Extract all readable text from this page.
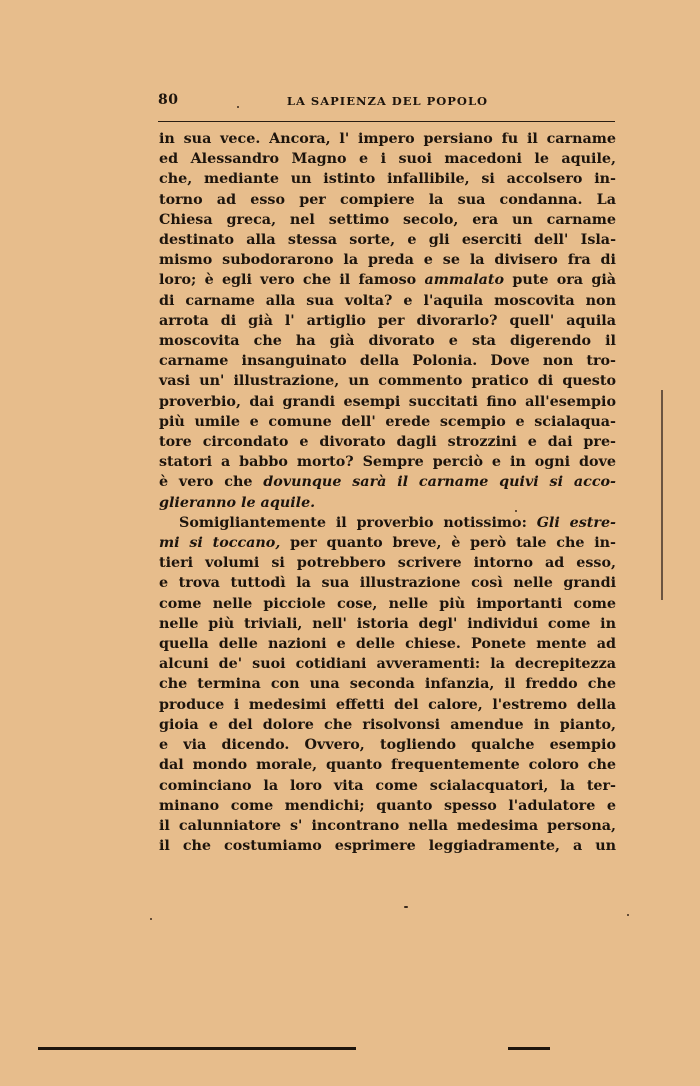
80	LA SAPIENZA DEL POPOLO
in sua vece. Ancora, l' impero persiano fu il carname
ed Alessandro Magno e i suoi macedoni le aquile,
che, mediante un istinto infallibile, si accolsero in-
torno ad esso per compiere la sua condanna. La
Chiesa greca, nel settimo secolo, era un carname
destinato alla stessa sorte, e gli eserciti dell' Isla-
mismo subodorarono la preda e se la divisero fra di
loro; è egli vero che il famoso ammalato pute ora già
di carname alla sua volta? e l'aquila moscovita non
arrota di già l' artiglio per divorarlo? quell' aquila
moscovita che ha già divorato e sta digerendo il
carname insanguinato della Polonia. Dove non tro-
vasi un' illustrazione, un commento pratico di questo
proverbio, dai grandi esempi succitati fino all'esempio
più umile e comune dell' erede scempio e scialaqua-
tore circondato e divorato dagli strozzini e dai pre-
statori a babbo morto? Sempre perciò e in ogni dove
è vero che dovunque sarà il carname quivi si acco-
glieranno le aquile.
Somigliantemente il proverbio notissimo: Gli estre-
mi si toccano, per quanto breve, è però tale che in-
tieri volumi si potrebbero scrivere intorno ad esso,
e trova tuttodì la sua illustrazione così nelle grandi
come nelle picciole cose, nelle più importanti come
nelle più triviali, nell' istoria degl' individui come in
quella delle nazioni e delle chiese. Ponete mente ad
alcuni de' suoi cotidiani avveramenti: la decrepitezza
che termina con una seconda infanzia, il freddo che
produce i medesimi effetti del calore, l'estremo della
gioia e del dolore che risolvonsi amendue in pianto,
e via dicendo. Ovvero, togliendo qualche esempio
dal mondo morale, quanto frequentemente coloro che
cominciano la loro vita come scialacquatori, la ter-
minano come mendichi; quanto spesso l'adulatore e
il calunniatore s' incontrano nella medesima persona,
il che costumiamo esprimere leggiadramente, a un
